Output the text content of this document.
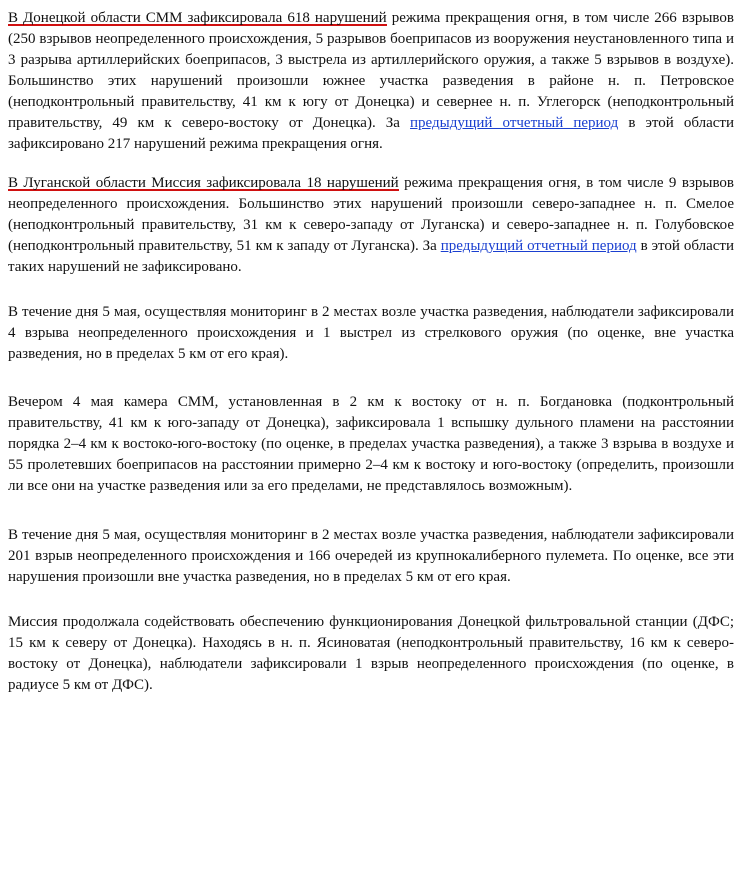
В Донецкой области СММ зафиксировала 618 нарушений режима прекращения огня, в том числе 266 взрывов (250 взрывов неопределенного происхождения, 5 разрывов боеприпасов из вооружения неустановленного типа и 3 разрыва артиллерийских боеприпасов, 3 выстрела из артиллерийского оружия, а также 5 взрывов в воздухе). Большинство этих нарушений произошли южнее участка разведения в районе н. п. Петровское (неподконтрольный правительству, 41 км к югу от Донецка) и севернее н. п. Углегорск (неподконтрольный правительству, 49 км к северо-востоку от Донецка). За предыдущий отчетный период в этой области зафиксировано 217 нарушений режима прекращения огня.

В Луганской области Миссия зафиксировала 18 нарушений режима прекращения огня, в том числе 9 взрывов неопределенного происхождения. Большинство этих нарушений произошли северо-западнее н. п. Смелое (неподконтрольный правительству, 31 км к северо-западу от Луганска) и северо-западнее н. п. Голубовское (неподконтрольный правительству, 51 км к западу от Луганска). За предыдущий отчетный период в этой области таких нарушений не зафиксировано.

В течение дня 5 мая, осуществляя мониторинг в 2 местах возле участка разведения, наблюдатели зафиксировали 4 взрыва неопределенного происхождения и 1 выстрел из стрелкового оружия (по оценке, вне участка разведения, но в пределах 5 км от его края).

Вечером 4 мая камера СММ, установленная в 2 км к востоку от н. п. Богдановка (подконтрольный правительству, 41 км к юго-западу от Донецка), зафиксировала 1 вспышку дульного пламени на расстоянии порядка 2–4 км к востоко-юго-востоку (по оценке, в пределах участка разведения), а также 3 взрыва в воздухе и 55 пролетевших боеприпасов на расстоянии примерно 2–4 км к востоку и юго-востоку (определить, произошли ли все они на участке разведения или за его пределами, не представлялось возможным).

В течение дня 5 мая, осуществляя мониторинг в 2 местах возле участка разведения, наблюдатели зафиксировали 201 взрыв неопределенного происхождения и 166 очередей из крупнокалиберного пулемета. По оценке, все эти нарушения произошли вне участка разведения, но в пределах 5 км от его края.

Миссия продолжала содействовать обеспечению функционирования Донецкой фильтровальной станции (ДФС; 15 км к северу от Донецка). Находясь в н. п. Ясиноватая (неподконтрольный правительству, 16 км к северо-востоку от Донецка), наблюдатели зафиксировали 1 взрыв неопределенного происхождения (по оценке, в радиусе 5 км от ДФС).
